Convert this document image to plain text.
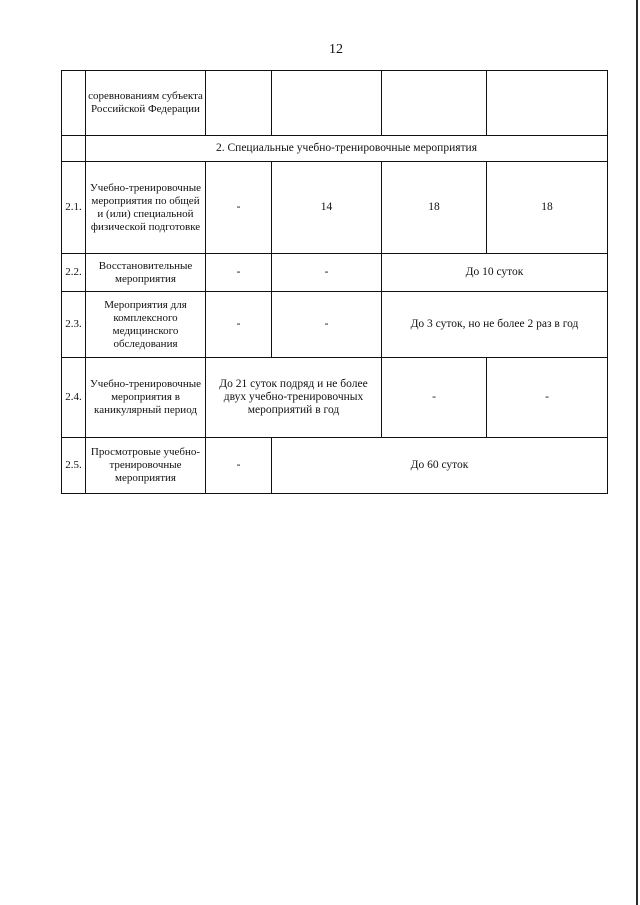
12
	соревнованиям субъекта Российской Федерации				
	2. Специальные учебно-тренировочные мероприятия				
2.1.	Учебно-тренировочные мероприятия по общей и (или) специальной физической подготовке	-	14	18	18
2.2.	Восстановительные мероприятия	-	-	До 10 суток	
2.3.	Мероприятия для комплексного медицинского обследования	-	-	До 3 суток, но не более 2 раз в год	
2.4.	Учебно-тренировочные мероприятия в каникулярный период	До 21 суток подряд и не более двух учебно-тренировочных мероприятий в год		-	-
2.5.	Просмотровые учебно-тренировочные мероприятия	-	До 60 суток		
